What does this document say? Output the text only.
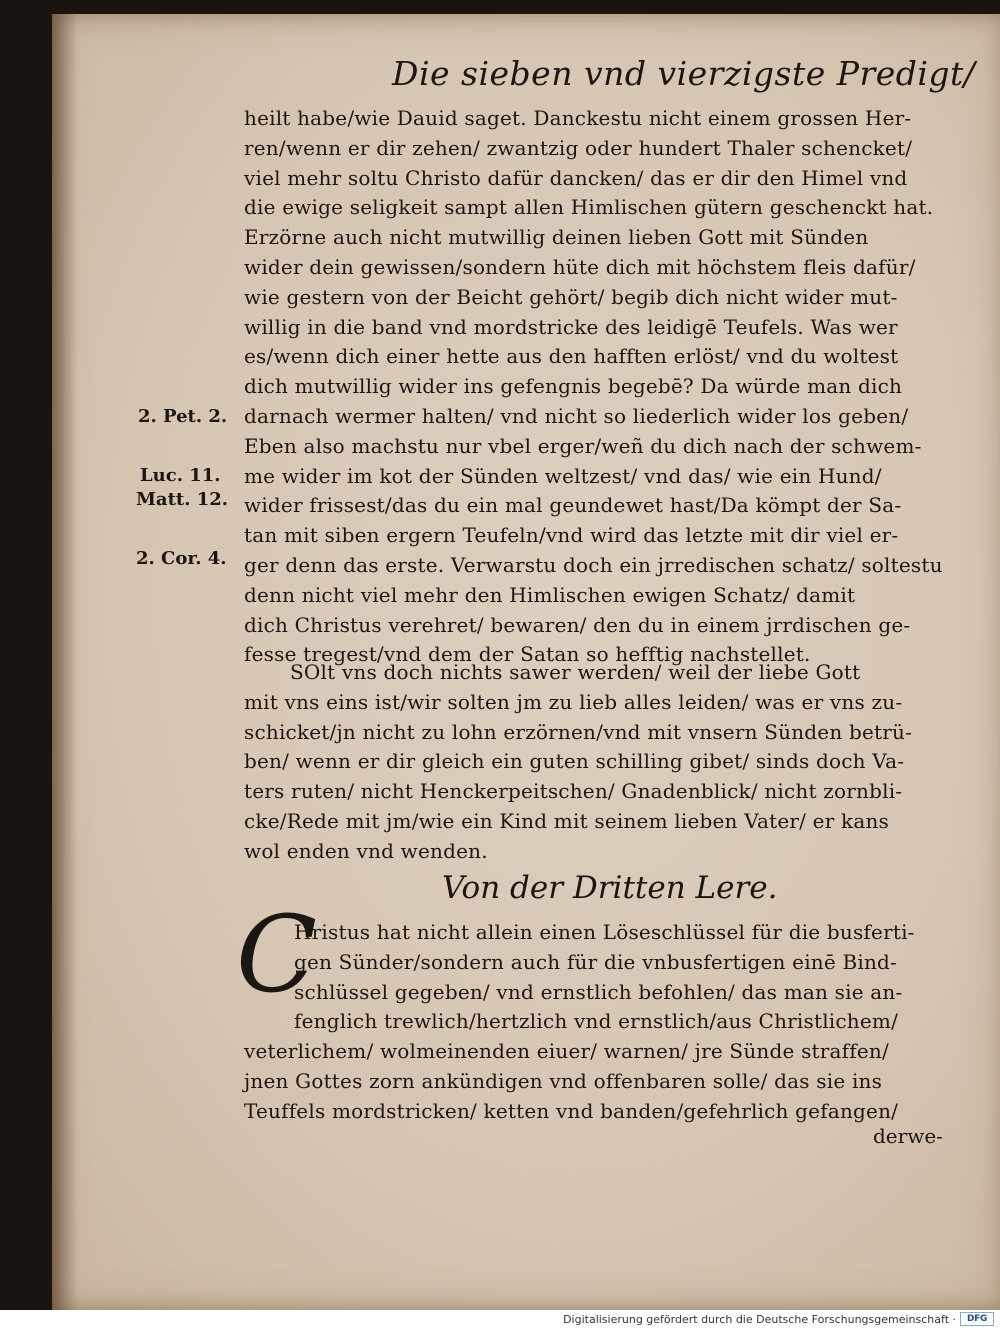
Die sieben vnd vierzigste Predigt/
heilt habe/wie Dauid saget. Danckestu nicht einem grossen Her-
ren/wenn er dir zehen/ zwantzig oder hundert Thaler schencket/
viel mehr soltu Christo dafür dancken/ das er dir den Himel vnd
die ewige seligkeit sampt allen Himlischen gütern geschenckt hat.
Erzörne auch nicht mutwillig deinen lieben Gott mit Sünden
wider dein gewissen/sondern hüte dich mit höchstem fleis dafür/
wie gestern von der Beicht gehört/ begib dich nicht wider mut-
willig in die band vnd mordstricke des leidigē Teufels. Was wer
es/wenn dich einer hette aus den hafften erlöst/ vnd du woltest
dich mutwillig wider ins gefengnis begebē? Da würde man dich
darnach wermer halten/ vnd nicht so liederlich wider los geben/
Eben also machstu nur vbel erger/weñ du dich nach der schwem-
me wider im kot der Sünden weltzest/ vnd das/ wie ein Hund/
wider frissest/das du ein mal geundewet hast/Da kömpt der Sa-
tan mit siben ergern Teufeln/vnd wird das letzte mit dir viel er-
ger denn das erste. Verwarstu doch ein jrredischen schatz/ soltestu
denn nicht viel mehr den Himlischen ewigen Schatz/ damit
dich Christus verehret/ bewaren/ den du in einem jrrdischen ge-
fesse tregest/vnd dem der Satan so hefftig nachstellet.
2. Pet. 2.
Luc. 11.
Matt. 12.
2. Cor. 4.
SOlt vns doch nichts sawer werden/ weil der liebe Gott
mit vns eins ist/wir solten jm zu lieb alles leiden/ was er vns zu-
schicket/jn nicht zu lohn erzörnen/vnd mit vnsern Sünden betrü-
ben/ wenn er dir gleich ein guten schilling gibet/ sinds doch Va-
ters ruten/ nicht Henckerpeitschen/ Gnadenblick/ nicht zornbli-
cke/Rede mit jm/wie ein Kind mit seinem lieben Vater/ er kans
wol enden vnd wenden.
Von der Dritten Lere.
C
Hristus hat nicht allein einen Löseschlüssel für die busferti-
gen Sünder/sondern auch für die vnbusfertigen einē Bind-
schlüssel gegeben/ vnd ernstlich befohlen/ das man sie an-
fenglich trewlich/hertzlich vnd ernstlich/aus Christlichem/
veterlichem/ wolmeinenden eiuer/ warnen/ jre Sünde straffen/
jnen Gottes zorn ankündigen vnd offenbaren solle/ das sie ins
Teuffels mordstricken/ ketten vnd banden/gefehrlich gefangen/
derwe-
Digitalisierung gefördert durch die Deutsche Forschungsgemeinschaft ·	DFG
